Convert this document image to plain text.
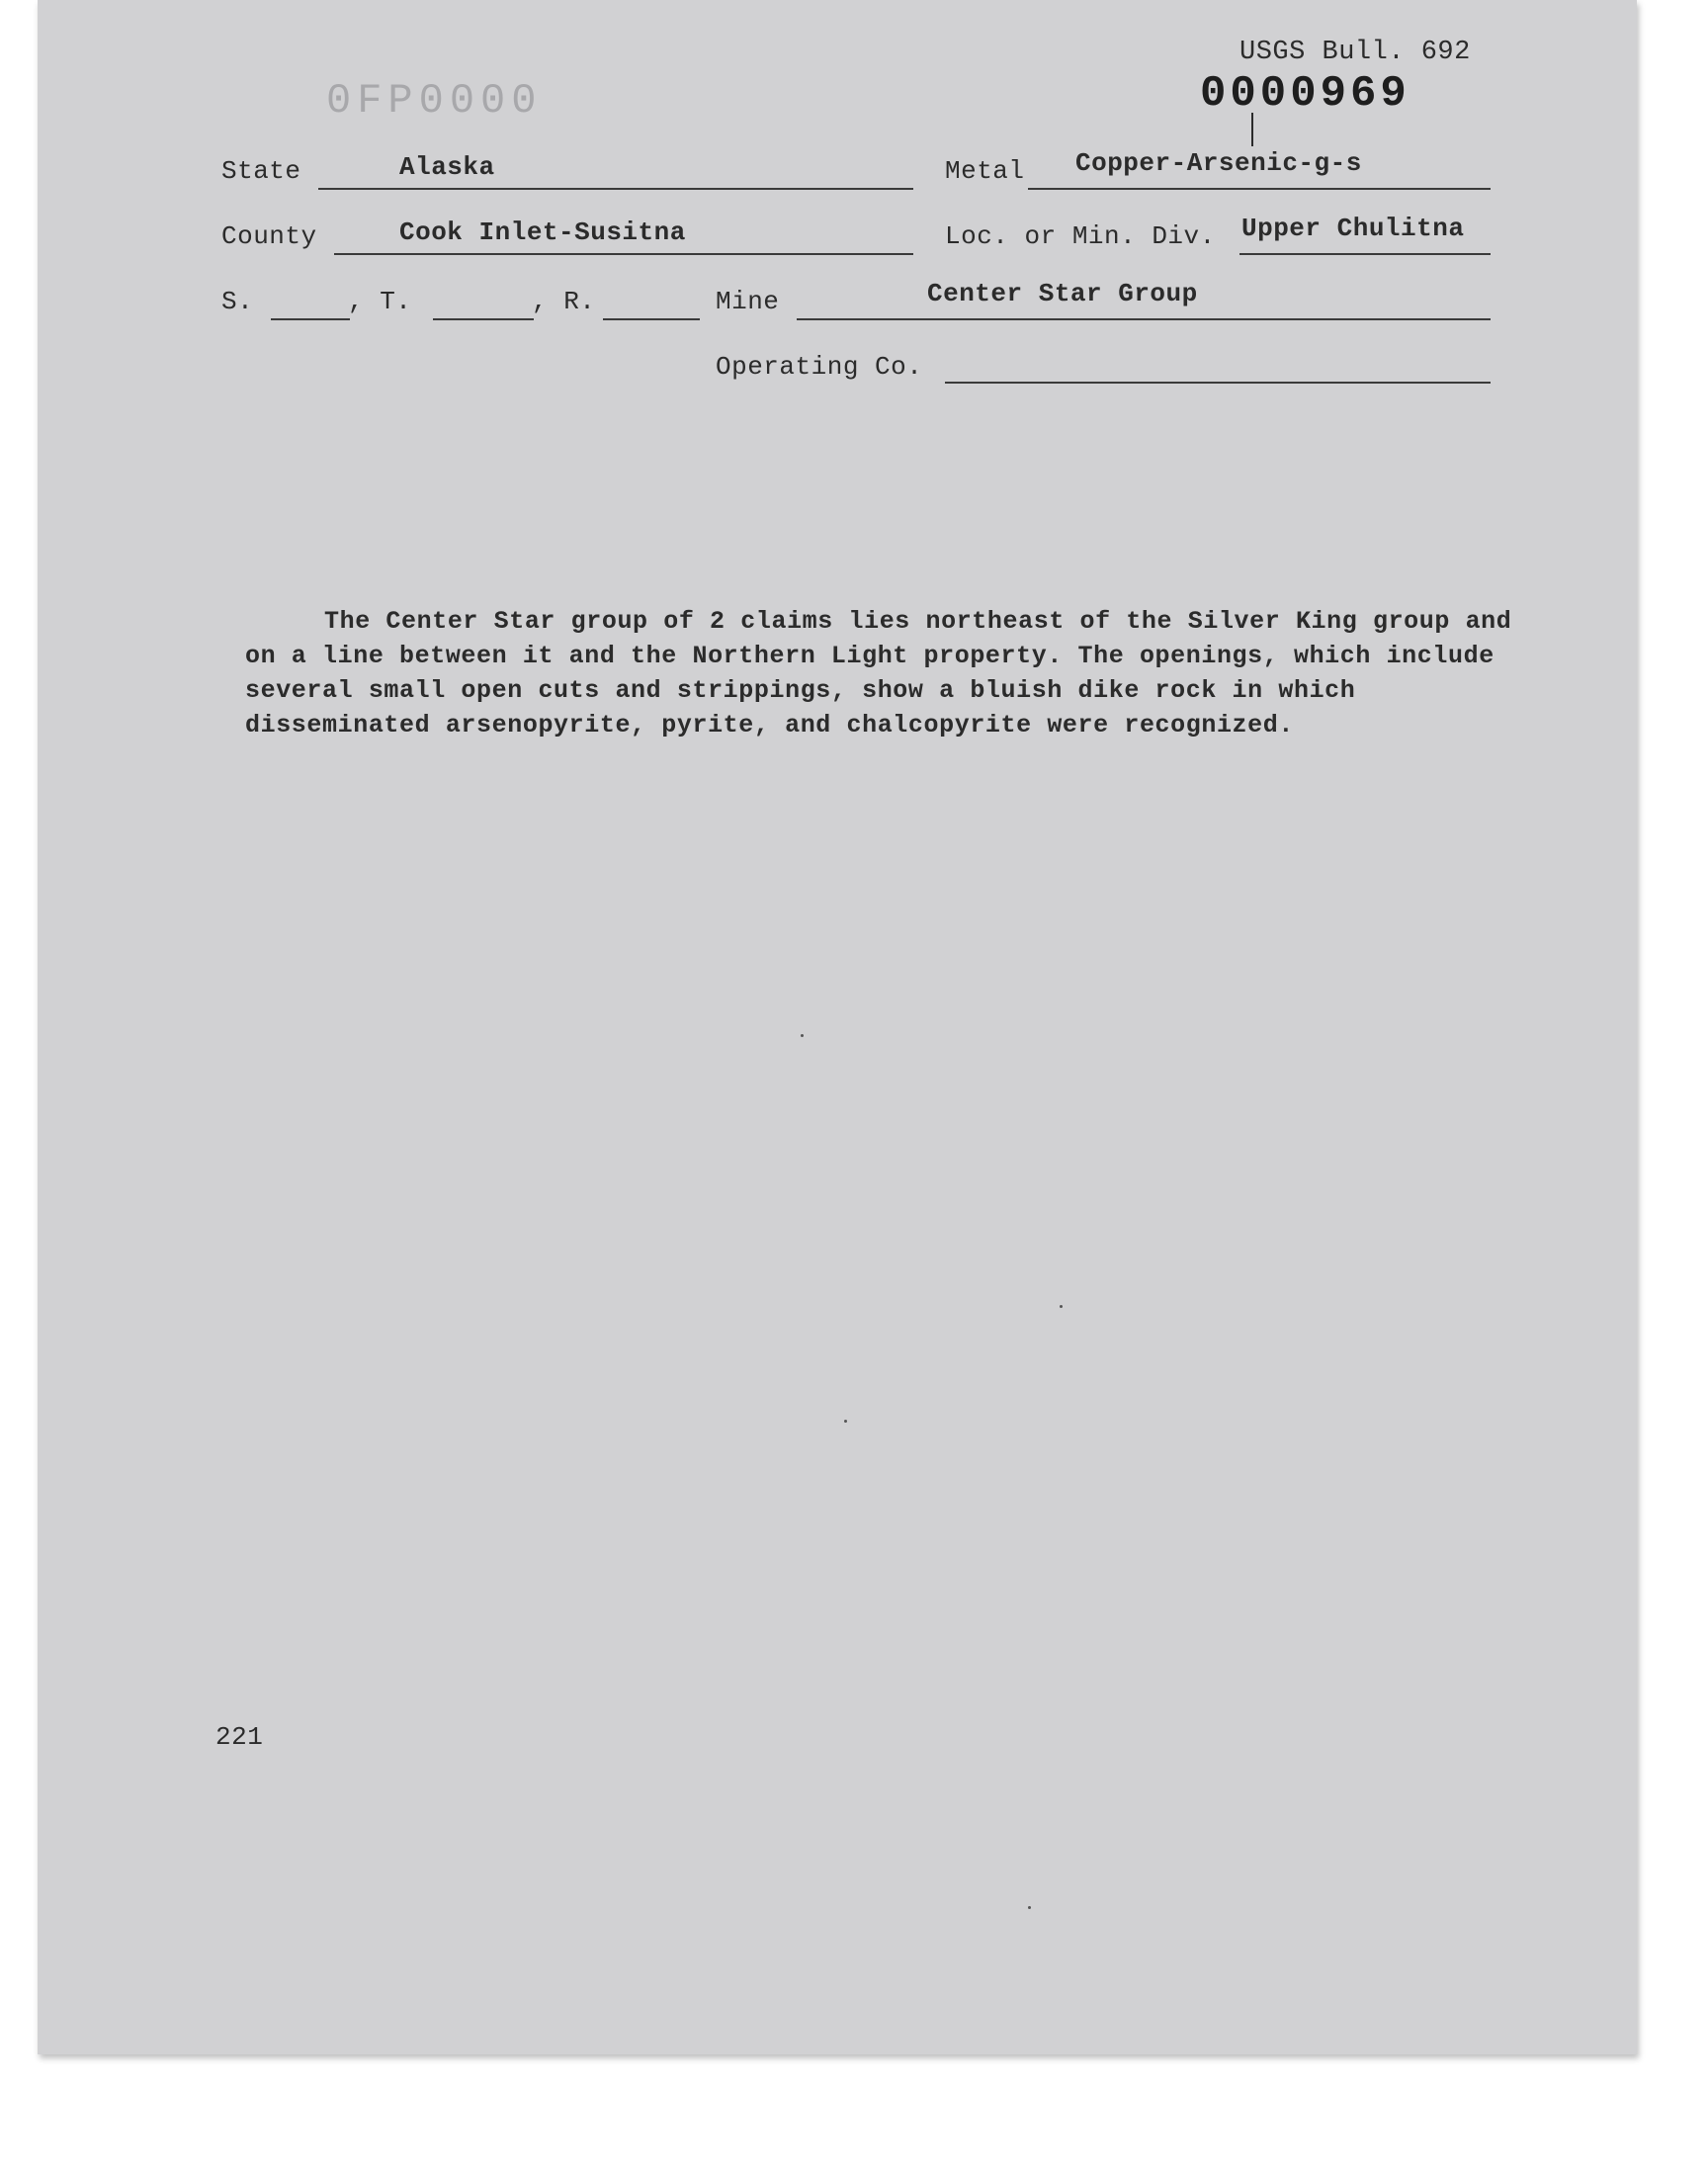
0FP0000
USGS Bull. 692
0000969
State	Alaska	Metal Copper-Arsenic-g-s
County	Cook Inlet-Susitna	Loc. or Min. Div. Upper Chulitna
S.	, T.	, R.	Mine	Center Star Group
Operating Co.

The Center Star group of 2 claims lies northeast of the Silver King group and on a line between it and the Northern Light property. The openings, which include several small open cuts and strippings, show a bluish dike rock in which disseminated arsenopyrite, pyrite, and chalcopyrite were recognized.

221
